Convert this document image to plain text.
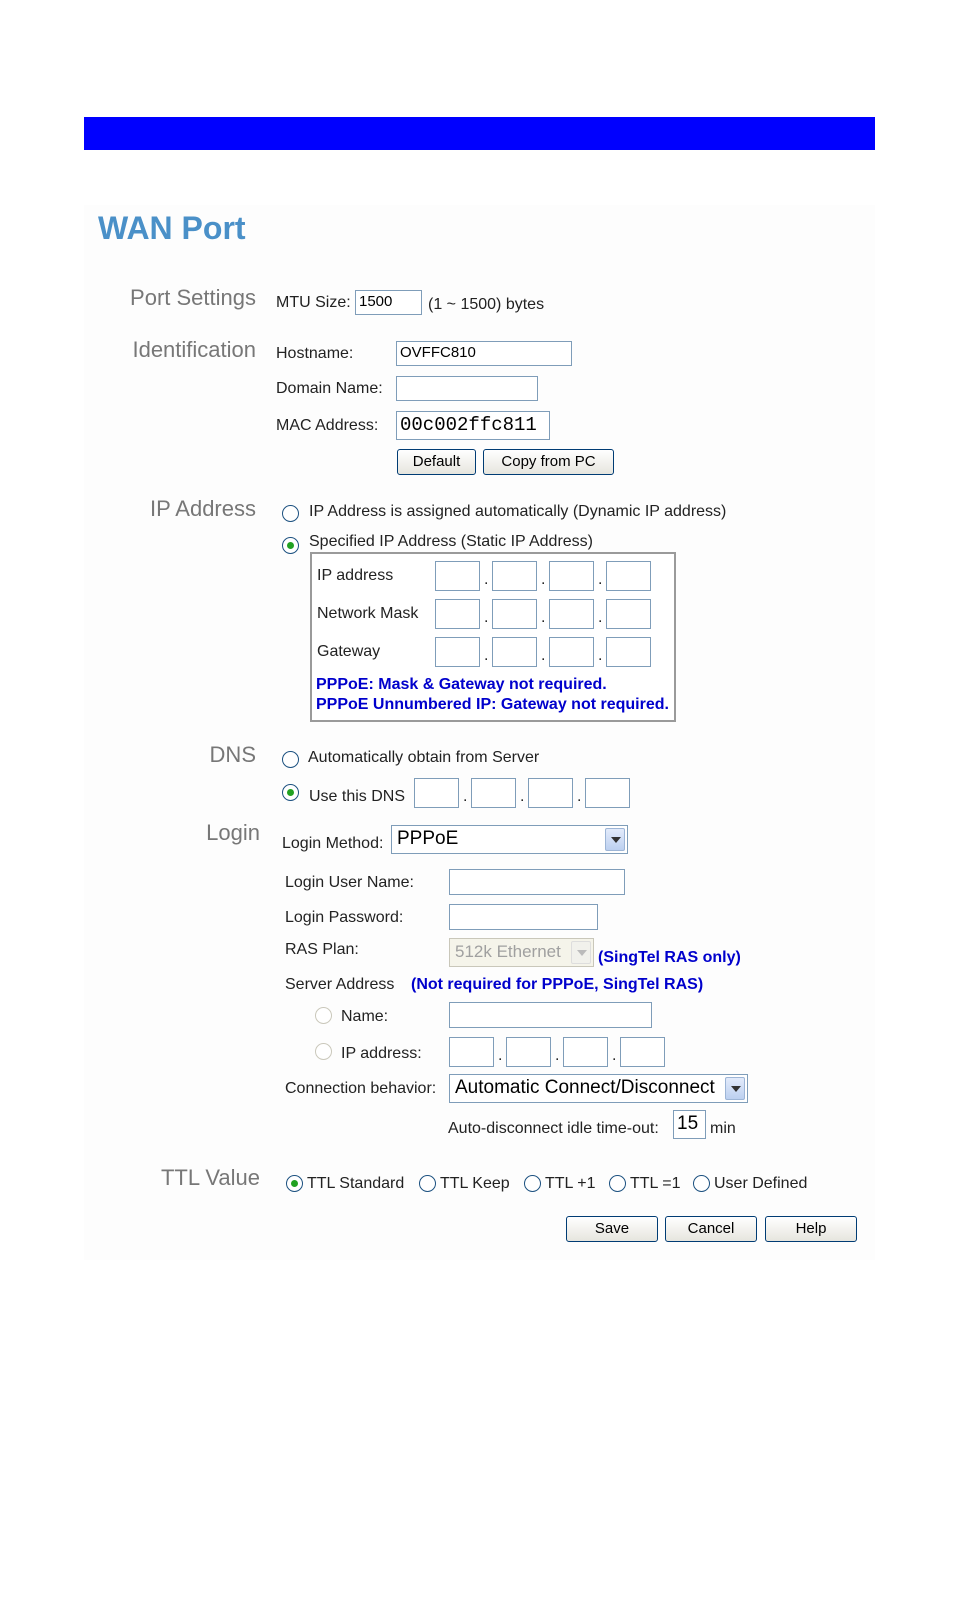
WAN Port
Port Settings MTU Size: 1500	(1 ~ 1500) bytes
Identification Hostname:	OVFFC810
Domain Name:
MAC Address: 00c002ffc811
Default	Copy from PC
IP Address	IP Address is assigned automatically (Dynamic IP address)
Specified IP Address (Static IP Address)
IP address	.	.	.
Network Mask	.	.	.
Gateway	.	.	.
PPPoE: Mask & Gateway not required.
PPPoE Unnumbered IP: Gateway not required.
DNS	Automatically obtain from Server
Use this DNS	.	.	.
Login Login Method: PPPoE
Login User Name:
Login Password:
RAS Plan:	512k Ethernet (SingTel RAS only)
Server Address (Not required for PPPoE, SingTel RAS)
Name:
IP address:	.	.	.
Connection behavior: Automatic Connect/Disconnect
Auto-disconnect idle time-out: 15 min
TTL Value	TTL Standard TTL Keep TTL +1 TTL =1 User Defined
Save	Cancel	Help
